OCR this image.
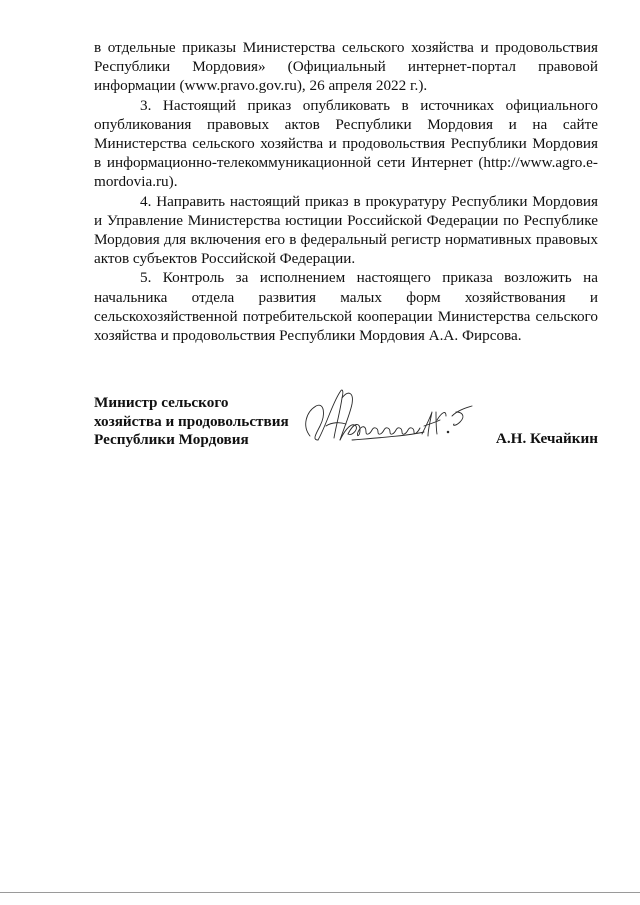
в отдельные приказы Министерства сельского хозяйства и продовольствия Республики Мордовия» (Официальный интернет-портал правовой информации (www.pravo.gov.ru), 26 апреля 2022 г.).

3. Настоящий приказ опубликовать в источниках официального опубликования правовых актов Республики Мордовия и на сайте Министерства сельского хозяйства и продовольствия Республики Мордовия в информационно-телекоммуникационной сети Интернет (http://www.agro.e-mordovia.ru).

4. Направить настоящий приказ в прокуратуру Республики Мордовия и Управление Министерства юстиции Российской Федерации по Республике Мордовия для включения его в федеральный регистр нормативных правовых актов субъектов Российской Федерации.

5. Контроль за исполнением настоящего приказа возложить на начальника отдела развития малых форм хозяйствования и сельскохозяйственной потребительской кооперации Министерства сельского хозяйства и продовольствия Республики Мордовия А.А. Фирсова.

Министр сельского
хозяйства и продовольствия
Республики Мордовия	А.Н. Кечайкин
